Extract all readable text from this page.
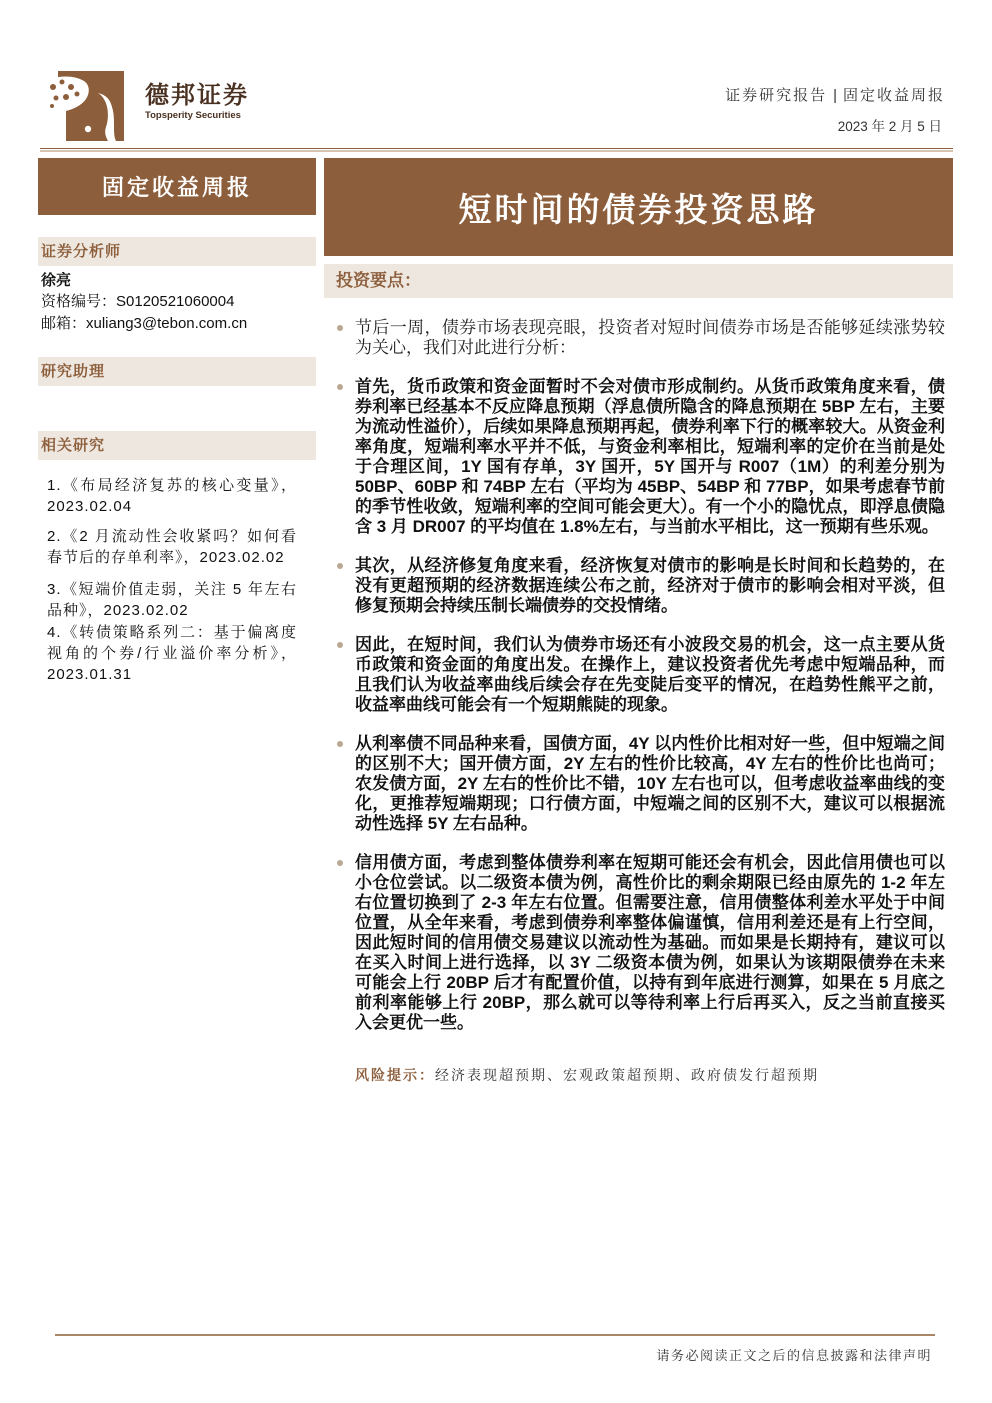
德邦证券
Topsperity Securities
证券研究报告 | 固定收益周报
2023 年 2 月 5 日
固定收益周报
证券分析师
徐亮
资格编号：S0120521060004
邮箱：xuliang3@tebon.com.cn
研究助理
相关研究
1.《布局经济复苏的核心变量》，2023.02.04
2.《2 月流动性会收紧吗？如何看春节后的存单利率》，2023.02.02
3.《短端价值走弱，关注 5 年左右品种》，2023.02.02
4.《转债策略系列二：基于偏离度视角的个券/行业溢价率分析》，2023.01.31
短时间的债券投资思路
投资要点：

节后一周，债券市场表现亮眼，投资者对短时间债券市场是否能够延续涨势较为关心，我们对此进行分析：

首先，货币政策和资金面暂时不会对债市形成制约。从货币政策角度来看，债券利率已经基本不反应降息预期（浮息债所隐含的降息预期在 5BP 左右，主要为流动性溢价），后续如果降息预期再起，债券利率下行的概率较大。从资金利率角度，短端利率水平并不低，与资金利率相比，短端利率的定价在当前是处于合理区间，1Y 国有存单，3Y 国开，5Y 国开与 R007（1M）的利差分别为 50BP、60BP 和 74BP 左右（平均为 45BP、54BP 和 77BP，如果考虑春节前的季节性收敛，短端利率的空间可能会更大）。有一个小的隐忧点，即浮息债隐含 3 月 DR007 的平均值在 1.8%左右，与当前水平相比，这一预期有些乐观。

其次，从经济修复角度来看，经济恢复对债市的影响是长时间和长趋势的，在没有更超预期的经济数据连续公布之前，经济对于债市的影响会相对平淡，但修复预期会持续压制长端债券的交投情绪。

因此，在短时间，我们认为债券市场还有小波段交易的机会，这一点主要从货币政策和资金面的角度出发。在操作上，建议投资者优先考虑中短端品种，而且我们认为收益率曲线后续会存在先变陡后变平的情况，在趋势性熊平之前，收益率曲线可能会有一个短期熊陡的现象。

从利率债不同品种来看，国债方面，4Y 以内性价比相对好一些，但中短端之间的区别不大；国开债方面，2Y 左右的性价比较高，4Y 左右的性价比也尚可；农发债方面，2Y 左右的性价比不错，10Y 左右也可以，但考虑收益率曲线的变化，更推荐短端期现；口行债方面，中短端之间的区别不大，建议可以根据流动性选择 5Y 左右品种。

信用债方面，考虑到整体债券利率在短期可能还会有机会，因此信用债也可以小仓位尝试。以二级资本债为例，高性价比的剩余期限已经由原先的 1-2 年左右位置切换到了 2-3 年左右位置。但需要注意，信用债整体利差水平处于中间位置，从全年来看，考虑到债券利率整体偏谨慎，信用利差还是有上行空间，因此短时间的信用债交易建议以流动性为基础。而如果是长期持有，建议可以在买入时间上进行选择，以 3Y 二级资本债为例，如果认为该期限债券在未来可能会上行 20BP 后才有配置价值，以持有到年底进行测算，如果在 5 月底之前利率能够上行 20BP，那么就可以等待利率上行后再买入，反之当前直接买入会更优一些。

风险提示：经济表现超预期、宏观政策超预期、政府债发行超预期
请务必阅读正文之后的信息披露和法律声明
